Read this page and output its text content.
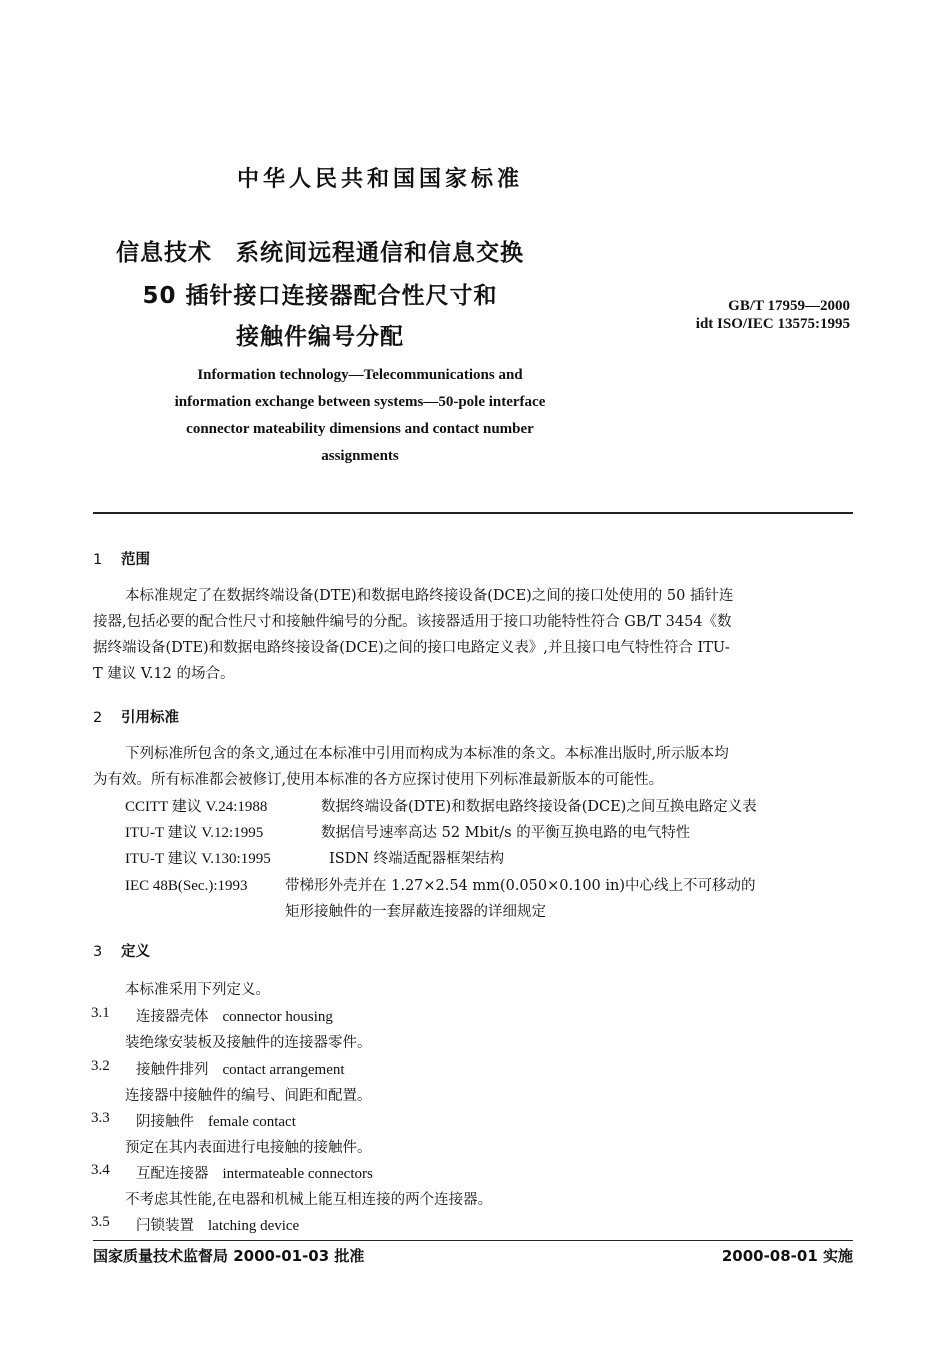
中华人民共和国国家标准
信息技术　系统间远程通信和信息交换
50 插针接口连接器配合性尺寸和
接触件编号分配
GB/T 17959—2000
idt ISO/IEC 13575:1995
Information technology—Telecommunications and
information exchange between systems—50-pole interface
connector mateability dimensions and contact number
assignments
1 范围
本标准规定了在数据终端设备(DTE)和数据电路终接设备(DCE)之间的接口处使用的 50 插针连
接器,包括必要的配合性尺寸和接触件编号的分配。该接器适用于接口功能特性符合 GB/T 3454《数
据终端设备(DTE)和数据电路终接设备(DCE)之间的接口电路定义表》,并且接口电气特性符合 ITU-
T 建议 V.12 的场合。
2 引用标准
下列标准所包含的条文,通过在本标准中引用而构成为本标准的条文。本标准出版时,所示版本均
为有效。所有标准都会被修订,使用本标准的各方应探讨使用下列标准最新版本的可能性。
CCITT 建议 V.24:1988	数据终端设备(DTE)和数据电路终接设备(DCE)之间互换电路定义表
ITU-T 建议 V.12:1995	数据信号速率高达 52 Mbit/s 的平衡互换电路的电气特性
ITU-T 建议 V.130:1995	ISDN 终端适配器框架结构
IEC 48B(Sec.):1993	带梯形外壳并在 1.27×2.54 mm(0.050×0.100 in)中心线上不可移动的
矩形接触件的一套屏蔽连接器的详细规定
3 定义
本标准采用下列定义。
3.1 连接器壳体 connector housing
装绝缘安装板及接触件的连接器零件。
3.2 接触件排列 contact arrangement
连接器中接触件的编号、间距和配置。
3.3 阴接触件 female contact
预定在其内表面进行电接触的接触件。
3.4 互配连接器 intermateable connectors
不考虑其性能,在电器和机械上能互相连接的两个连接器。
3.5 闩锁装置 latching device
国家质量技术监督局 2000-01-03 批准	2000-08-01 实施
